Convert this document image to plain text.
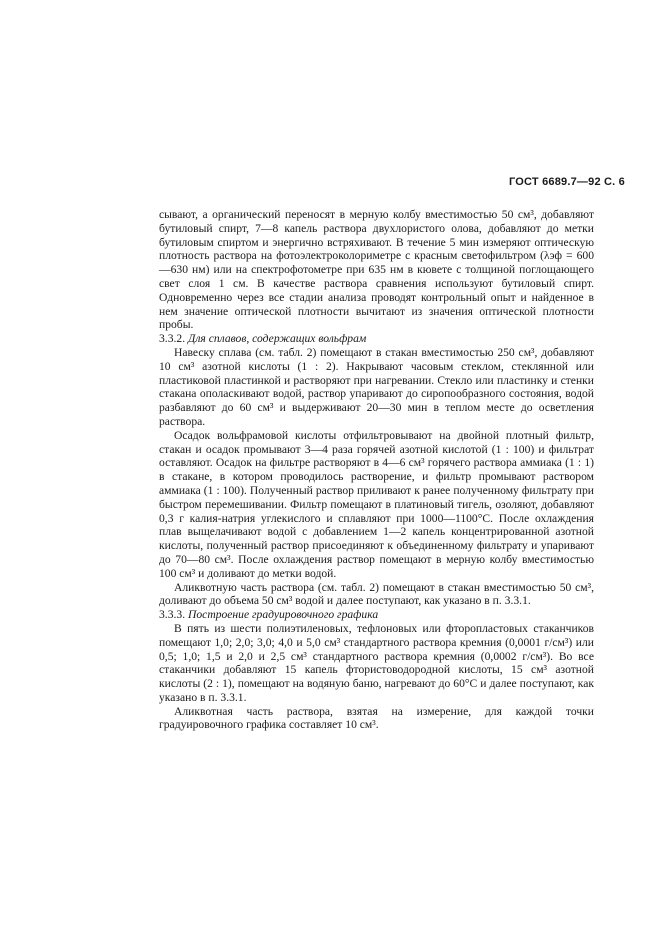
ГОСТ 6689.7—92 С. 6

сывают, а органический переносят в мерную колбу вместимостью 50 см³, добавляют бутиловый спирт, 7—8 капель раствора двухлористого олова, добавляют до метки бутиловым спиртом и энергично встряхивают. В течение 5 мин измеряют оптическую плотность раствора на фотоэлектроколориметре с красным светофильтром (λэф = 600—630 нм) или на спектрофотометре при 635 нм в кювете с толщиной поглощающего свет слоя 1 см. В качестве раствора сравнения используют бутиловый спирт. Одновременно через все стадии анализа проводят контрольный опыт и найденное в нем значение оптической плотности вычитают из значения оптической плотности пробы.

3.3.2. Для сплавов, содержащих вольфрам

Навеску сплава (см. табл. 2) помещают в стакан вместимостью 250 см³, добавляют 10 см³ азотной кислоты (1 : 2). Накрывают часовым стеклом, стеклянной или пластиковой пластинкой и растворяют при нагревании. Стекло или пластинку и стенки стакана ополаскивают водой, раствор упаривают до сиропообразного состояния, водой разбавляют до 60 см³ и выдерживают 20—30 мин в теплом месте до осветления раствора.

Осадок вольфрамовой кислоты отфильтровывают на двойной плотный фильтр, стакан и осадок промывают 3—4 раза горячей азотной кислотой (1 : 100) и фильтрат оставляют. Осадок на фильтре растворяют в 4—6 см³ горячего раствора аммиака (1 : 1) в стакане, в котором проводилось растворение, и фильтр промывают раствором аммиака (1 : 100). Полученный раствор приливают к ранее полученному фильтрату при быстром перемешивании. Фильтр помещают в платиновый тигель, озоляют, добавляют 0,3 г калия-натрия углекислого и сплавляют при 1000—1100°С. После охлаждения плав выщелачивают водой с добавлением 1—2 капель концентрированной азотной кислоты, полученный раствор присоединяют к объединенному фильтрату и упаривают до 70—80 см³. После охлаждения раствор помещают в мерную колбу вместимостью 100 см³ и доливают до метки водой.

Аликвотную часть раствора (см. табл. 2) помещают в стакан вместимостью 50 см³, доливают до объема 50 см³ водой и далее поступают, как указано в п. 3.3.1.

3.3.3. Построение градуировочного графика

В пять из шести полиэтиленовых, тефлоновых или фторопластовых стаканчиков помещают 1,0; 2,0; 3,0; 4,0 и 5,0 см³ стандартного раствора кремния (0,0001 г/см³) или 0,5; 1,0; 1,5 и 2,0 и 2,5 см³ стандартного раствора кремния (0,0002 г/см³). Во все стаканчики добавляют 15 капель фтористоводородной кислоты, 15 см³ азотной кислоты (2 : 1), помещают на водяную баню, нагревают до 60°С и далее поступают, как указано в п. 3.3.1.

Аликвотная часть раствора, взятая на измерение, для каждой точки градуировочного графика составляет 10 см³.
